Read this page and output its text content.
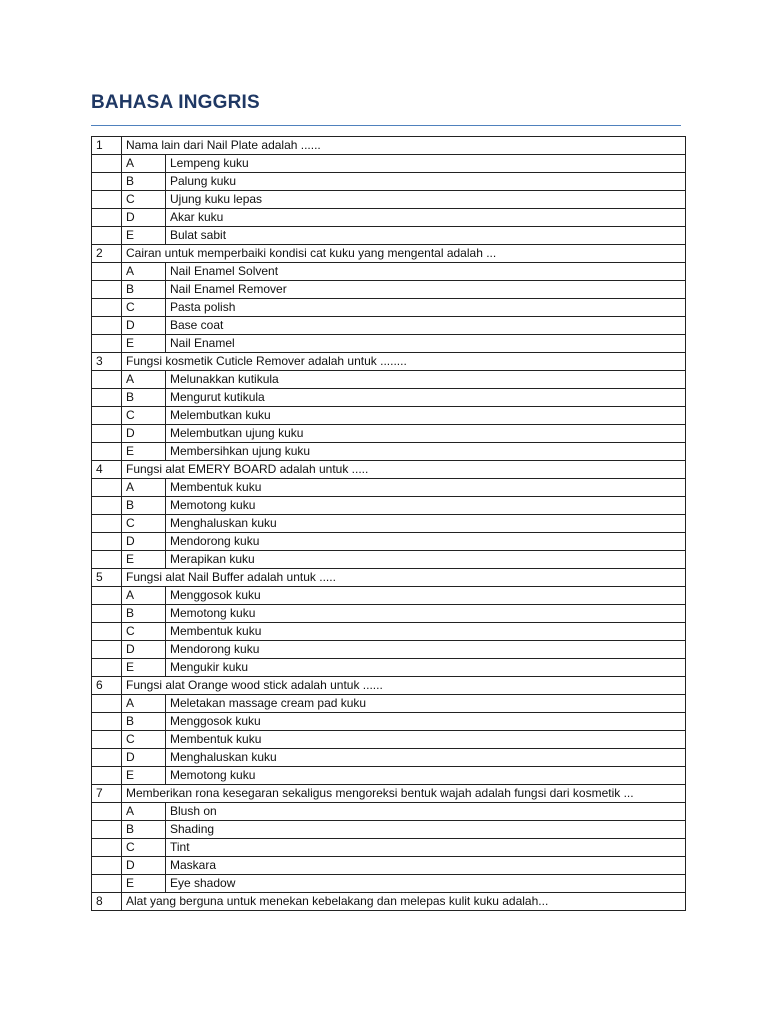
BAHASA INGGRIS
1	Nama lain dari Nail Plate adalah ......	
	A	Lempeng kuku
	B	Palung kuku
	C	Ujung kuku lepas
	D	Akar kuku
	E	Bulat sabit
2	Cairan untuk memperbaiki kondisi cat kuku yang mengental adalah ...	
	A	Nail Enamel Solvent
	B	Nail Enamel Remover
	C	Pasta polish
	D	Base coat
	E	Nail Enamel
3	Fungsi kosmetik Cuticle Remover adalah untuk ........	
	A	Melunakkan kutikula
	B	Mengurut kutikula
	C	Melembutkan kuku
	D	Melembutkan ujung kuku
	E	Membersihkan ujung kuku
4	Fungsi alat EMERY BOARD adalah untuk .....	
	A	Membentuk kuku
	B	Memotong kuku
	C	Menghaluskan kuku
	D	Mendorong kuku
	E	Merapikan kuku
5	Fungsi alat Nail Buffer adalah untuk .....	
	A	Menggosok kuku
	B	Memotong kuku
	C	Membentuk kuku
	D	Mendorong kuku
	E	Mengukir kuku
6	Fungsi alat Orange wood stick adalah untuk ......	
	A	Meletakan massage cream pad kuku
	B	Menggosok kuku
	C	Membentuk kuku
	D	Menghaluskan kuku
	E	Memotong kuku
7	Memberikan rona kesegaran sekaligus mengoreksi bentuk wajah adalah fungsi dari kosmetik ...	
	A	Blush on
	B	Shading
	C	Tint
	D	Maskara
	E	Eye shadow
8	Alat yang berguna untuk menekan kebelakang dan melepas kulit kuku adalah...	
